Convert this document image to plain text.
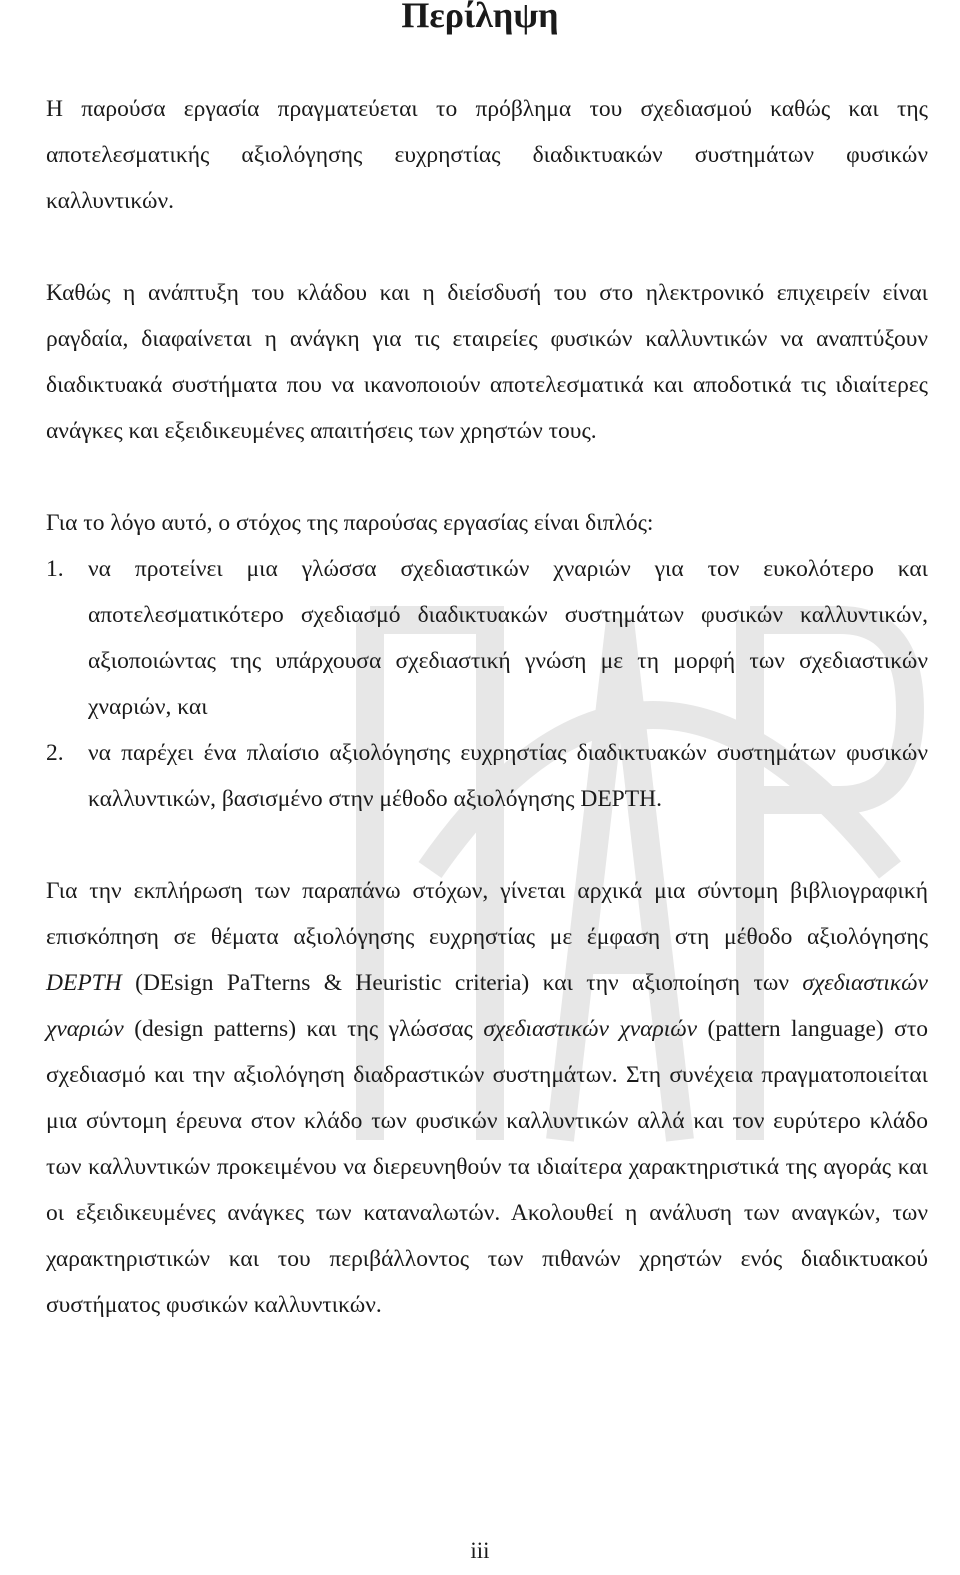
Περίληψη

Η παρούσα εργασία πραγματεύεται το πρόβλημα του σχεδιασμού καθώς και της αποτελεσματικής αξιολόγησης ευχρηστίας διαδικτυακών συστημάτων φυσικών καλλυντικών.

Καθώς η ανάπτυξη του κλάδου και η διείσδυσή του στο ηλεκτρονικό επιχειρείν είναι ραγδαία, διαφαίνεται η ανάγκη για τις εταιρείες φυσικών καλλυντικών να αναπτύξουν διαδικτυακά συστήματα που να ικανοποιούν αποτελεσματικά και αποδοτικά τις ιδιαίτερες ανάγκες και εξειδικευμένες απαιτήσεις των χρηστών τους.

Για το λόγο αυτό, ο στόχος της παρούσας εργασίας είναι διπλός:

1.	να προτείνει μια γλώσσα σχεδιαστικών χναριών για τον ευκολότερο και αποτελεσματικότερο σχεδιασμό διαδικτυακών συστημάτων φυσικών καλλυντικών, αξιοποιώντας της υπάρχουσα σχεδιαστική γνώση με τη μορφή των σχεδιαστικών χναριών, και
2.	να παρέχει ένα πλαίσιο αξιολόγησης ευχρηστίας διαδικτυακών συστημάτων φυσικών καλλυντικών, βασισμένο στην μέθοδο αξιολόγησης DEPTH.

Για την εκπλήρωση των παραπάνω στόχων, γίνεται αρχικά μια σύντομη βιβλιογραφική επισκόπηση σε θέματα αξιολόγησης ευχρηστίας με έμφαση στη μέθοδο αξιολόγησης DEPTH (DEsign PaTterns & Heuristic criteria) και την αξιοποίηση των σχεδιαστικών χναριών (design patterns) και της γλώσσας σχεδιαστικών χναριών (pattern language) στο σχεδιασμό και την αξιολόγηση διαδραστικών συστημάτων. Στη συνέχεια πραγματοποιείται μια σύντομη έρευνα στον κλάδο των φυσικών καλλυντικών αλλά και τον ευρύτερο κλάδο των καλλυντικών προκειμένου να διερευνηθούν τα ιδιαίτερα χαρακτηριστικά της αγοράς και οι εξειδικευμένες ανάγκες των καταναλωτών. Ακολουθεί η ανάλυση των αναγκών, των χαρακτηριστικών και του περιβάλλοντος των πιθανών χρηστών ενός διαδικτυακού συστήματος φυσικών καλλυντικών.

iii
